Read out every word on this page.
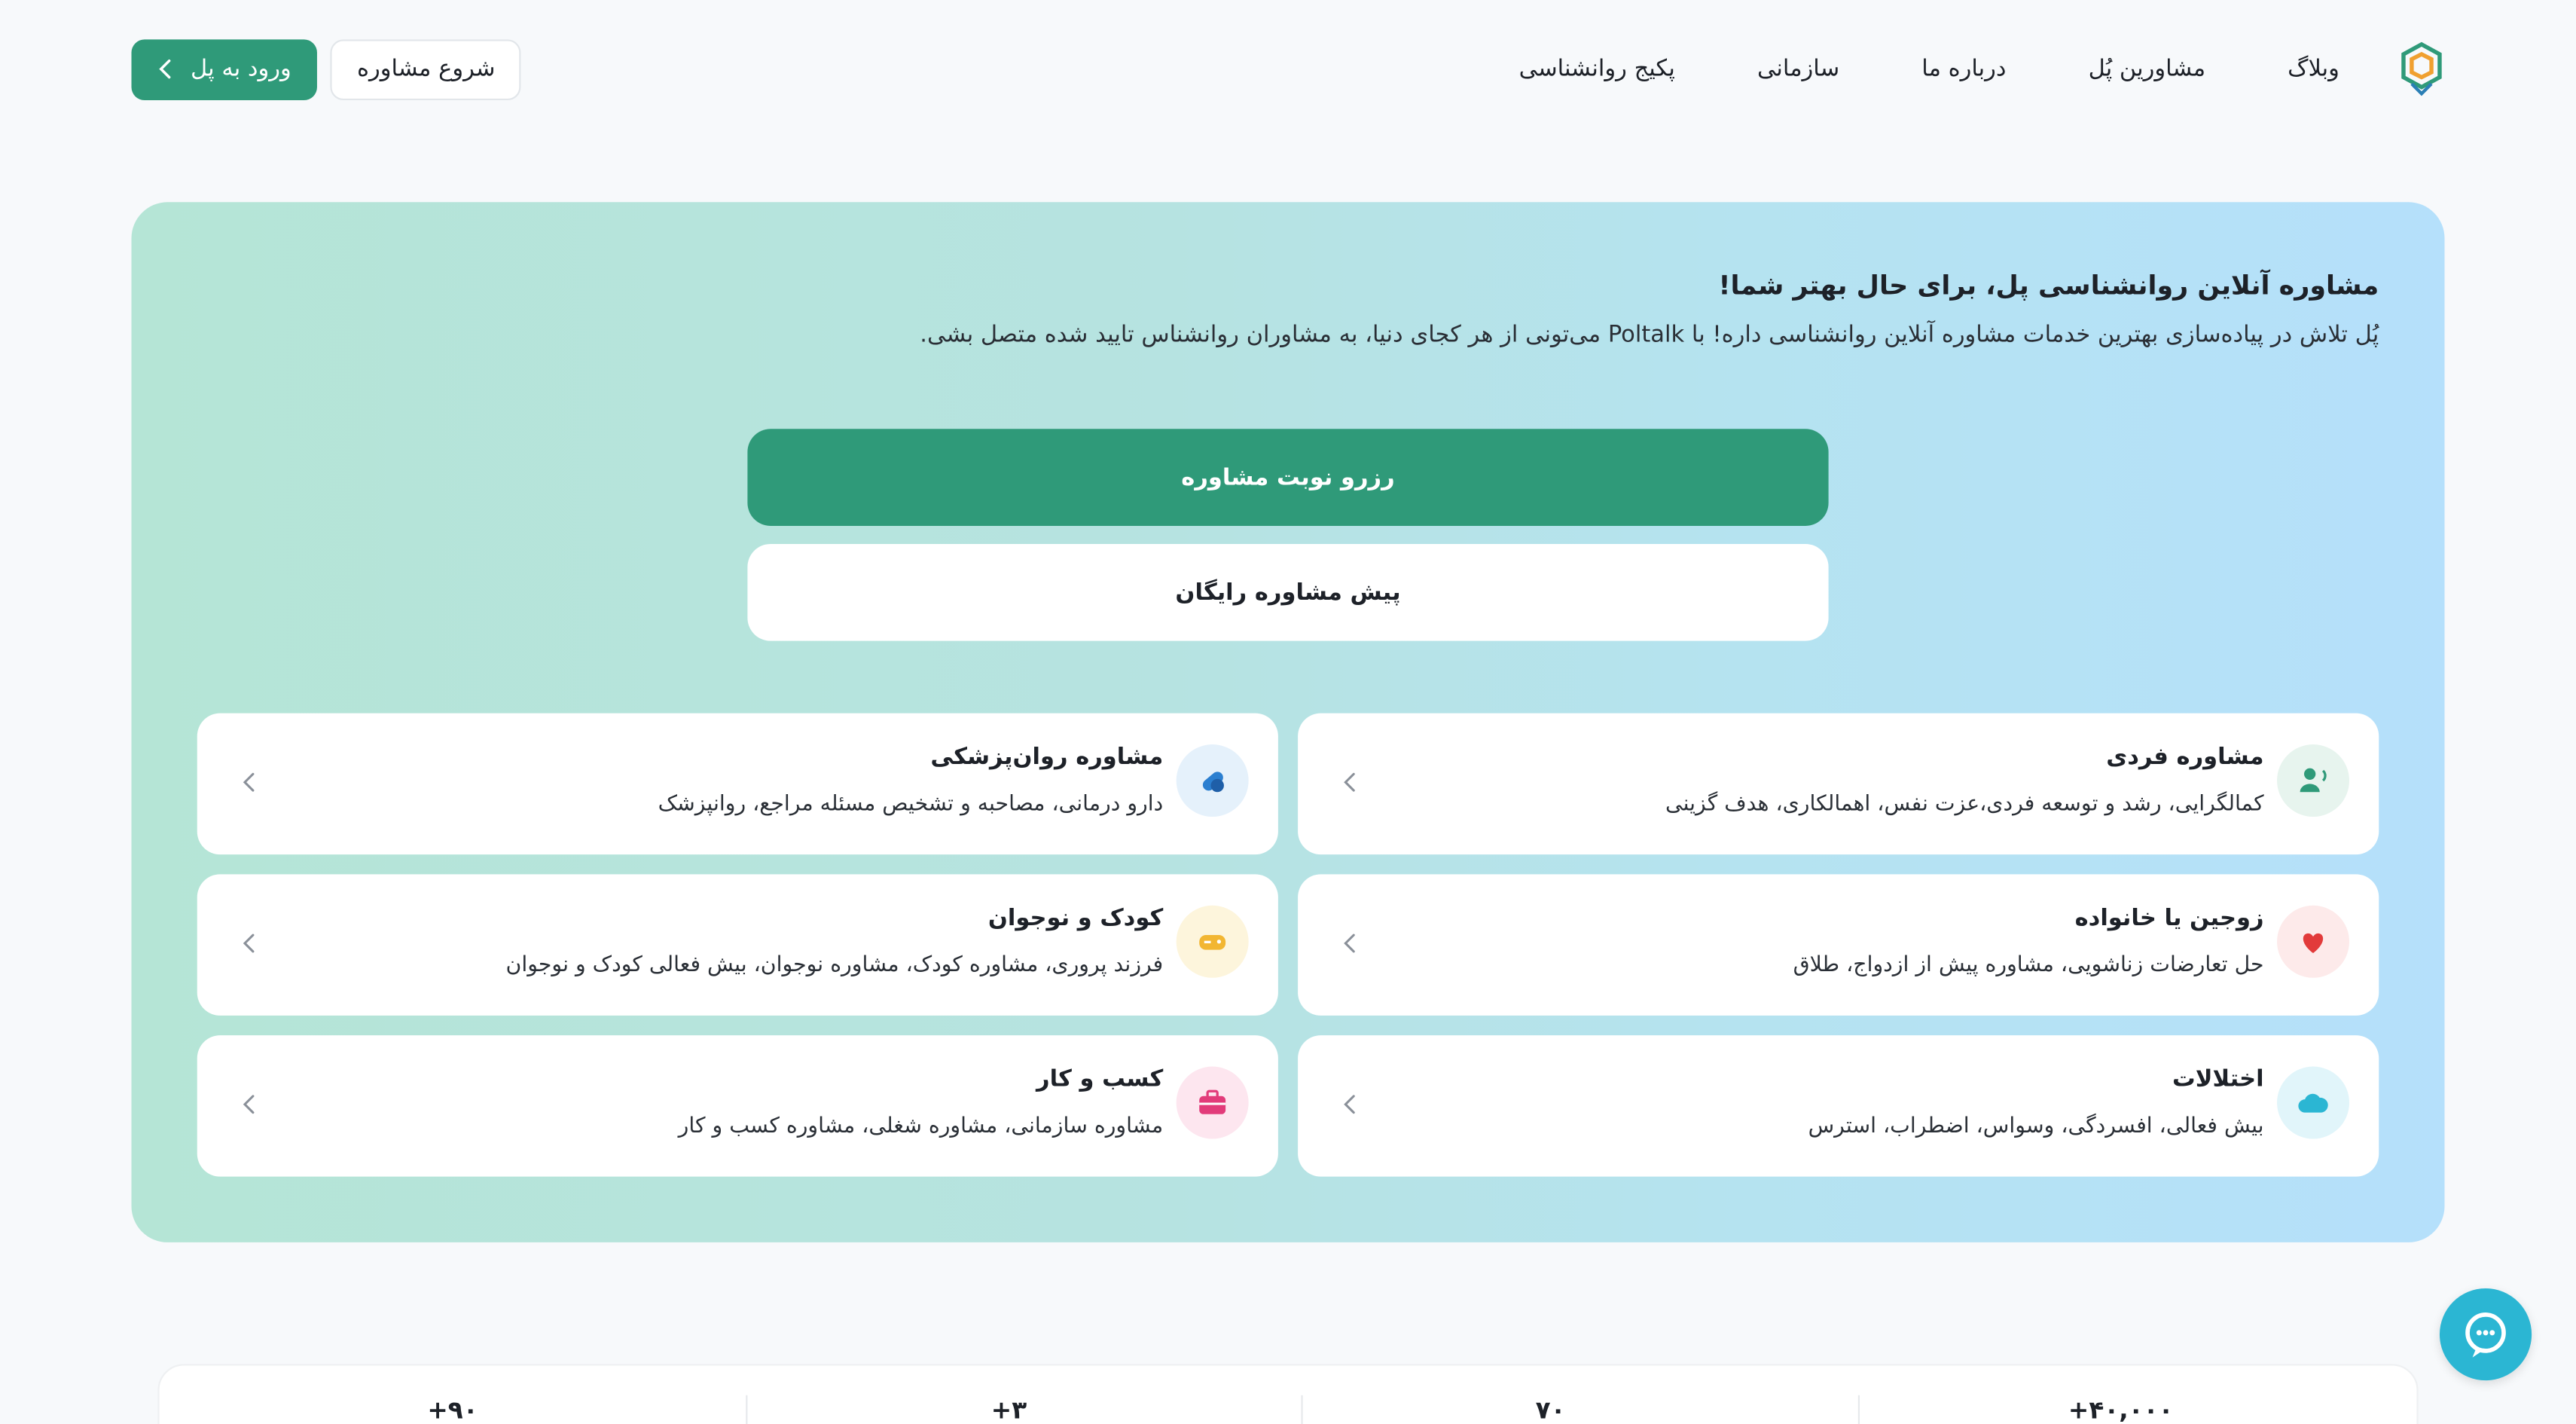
وبلاگ
مشاورین پُل
درباره ما
سازمانی
پکیج روانشناسی
ورود به پل	شروع مشاوره
مشاوره آنلاین روانشناسی پل، برای حال بهتر شما!
پُل تلاش در پیاده‌سازی بهترین خدمات مشاوره آنلاین روانشناسی داره! با Poltalk می‌تونی از هر کجای دنیا، به مشاوران روانشناس تایید شده متصل بشی.
رزرو نوبت مشاوره
پیش مشاوره رایگان
مشاوره فردی
کمالگرایی، رشد و توسعه فردی،عزت نفس، اهمالکاری، هدف گزینی
مشاوره روان‌پزشکی
دارو درمانی، مصاحبه و تشخیص مسئله مراجع، روانپزشک
زوجین یا خانواده
حل تعارضات زناشویی، مشاوره پیش از ازدواج، طلاق
کودک و نوجوان
فرزند پروری، مشاوره کودک، مشاوره نوجوان، بیش فعالی کودک و نوجوان
اختلالات
بیش فعالی، افسردگی، وسواس، اضطراب، استرس
کسب و کار
مشاوره سازمانی، مشاوره شغلی، مشاوره کسب و کار
+۴۰,۰۰۰
۷۰
+۳
+۹۰
